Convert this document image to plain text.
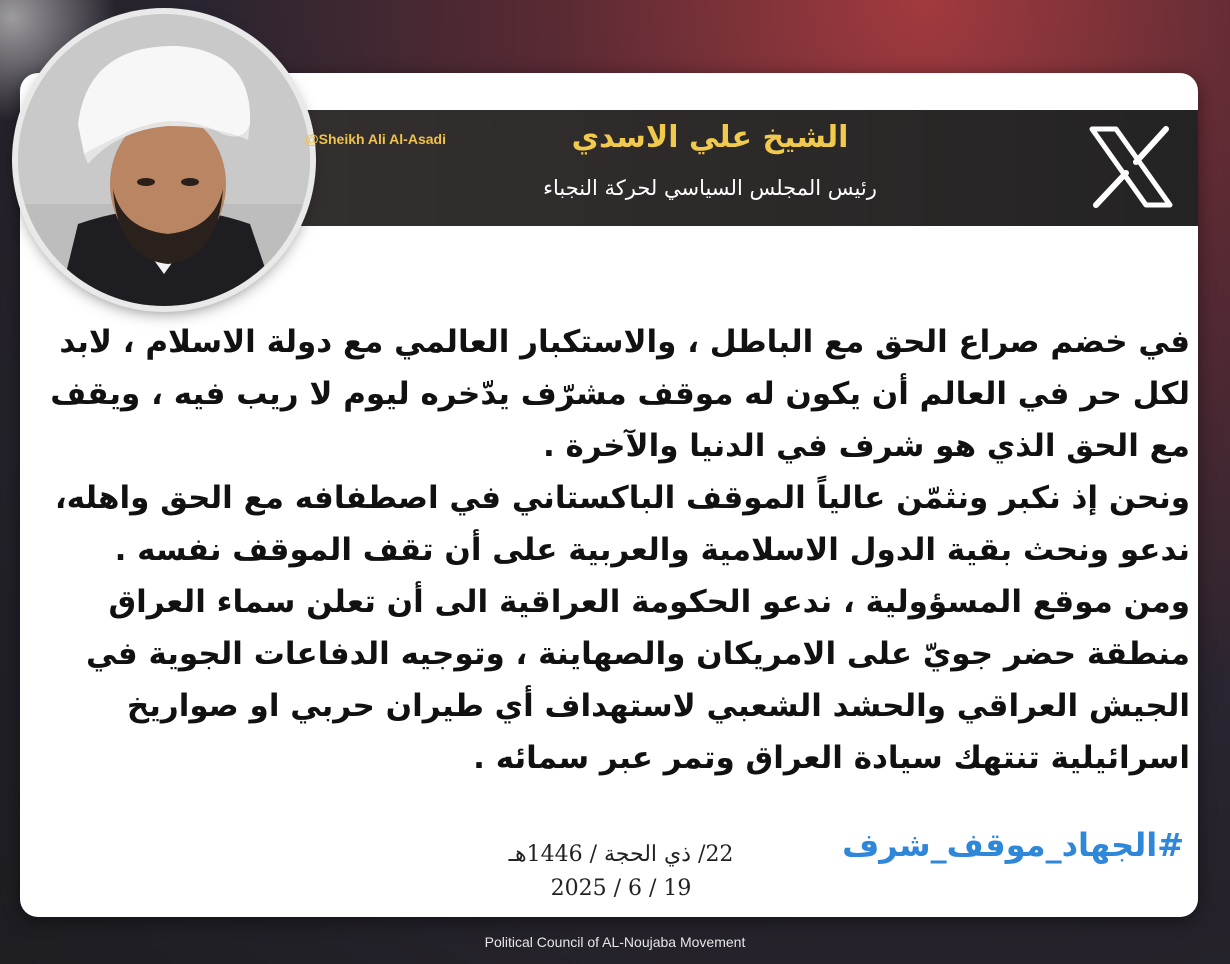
@Sheikh Ali Al-Asadi	الشيخ علي الاسدي
رئيس المجلس السياسي لحركة النجباء

في خضم صراع الحق مع الباطل ، والاستكبار العالمي مع دولة الاسلام ، لابد لكل حر في العالم أن يكون له موقف مشرّف يدّخره ليوم لا ريب فيه ، ويقف مع الحق الذي هو شرف في الدنيا والآخرة .

ونحن إذ نكبر ونثمّن عالياً الموقف الباكستاني في اصطفافه مع الحق واهله، ندعو ونحث بقية الدول الاسلامية والعربية على أن تقف الموقف نفسه .

ومن موقع المسؤولية ، ندعو الحكومة العراقية الى أن تعلن سماء العراق منطقة حضر جويّ على الامريكان والصهاينة ، وتوجيه الدفاعات الجوية في الجيش العراقي والحشد الشعبي لاستهداف أي طيران حربي او صواريخ اسرائيلية تنتهك سيادة العراق وتمر عبر سمائه .

#الجهاد_موقف_شرف
22/ ذي الحجة / 1446هـ
2025 / 6 / 19
Political Council of AL-Noujaba Movement
